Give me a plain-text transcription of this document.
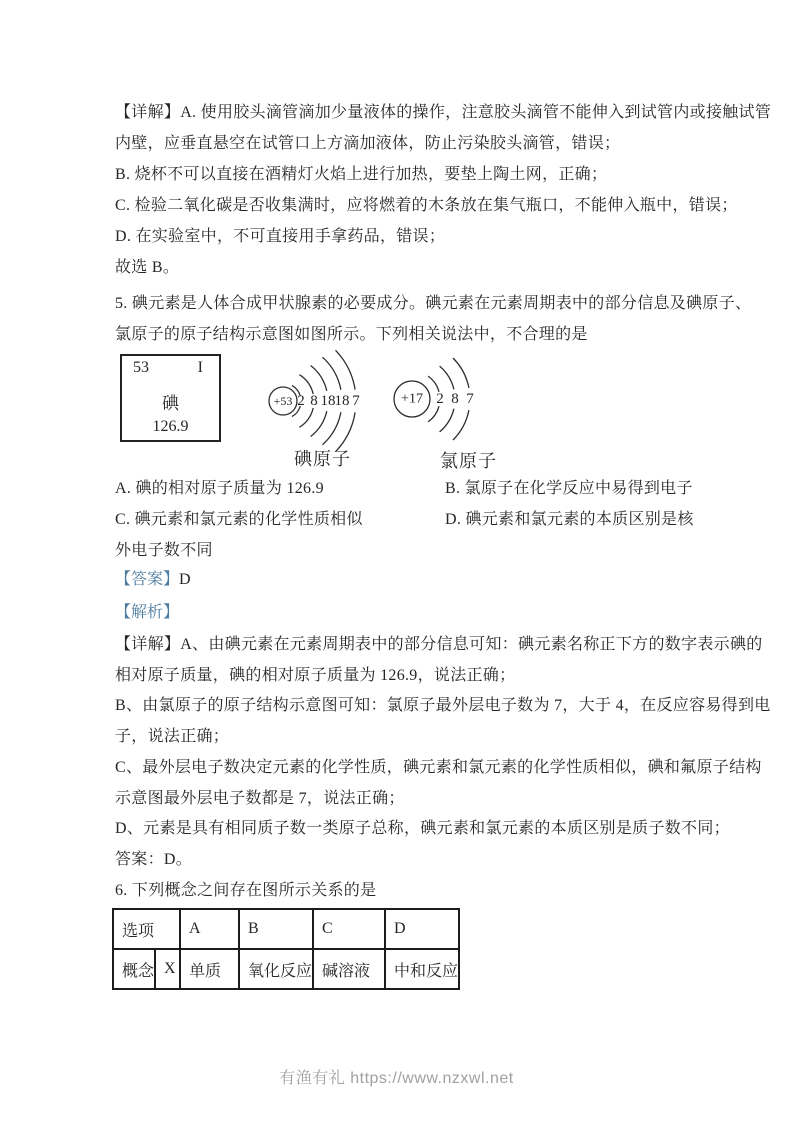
【详解】A. 使用胶头滴管滴加少量液体的操作，注意胶头滴管不能伸入到试管内或接触试管
内壁，应垂直悬空在试管口上方滴加液体，防止污染胶头滴管，错误；
B. 烧杯不可以直接在酒精灯火焰上进行加热，要垫上陶土网，正确；
C. 检验二氧化碳是否收集满时，应将燃着的木条放在集气瓶口，不能伸入瓶中，错误；
D. 在实验室中，不可直接用手拿药品，错误；
故选 B。
5. 碘元素是人体合成甲状腺素的必要成分。碘元素在元素周期表中的部分信息及碘原子、
氯原子的原子结构示意图如图所示。下列相关说法中，不合理的是
53	I
碘
126.9
+53 2 8 18 18 7
碘原子
+17 2 8 7
氯原子
A. 碘的相对原子质量为 126.9	B. 氯原子在化学反应中易得到电子
C. 碘元素和氯元素的化学性质相似	D. 碘元素和氯元素的本质区别是核
外电子数不同
【答案】D
【解析】
【详解】A、由碘元素在元素周期表中的部分信息可知：碘元素名称正下方的数字表示碘的
相对原子质量，碘的相对原子质量为 126.9，说法正确；
B、由氯原子的原子结构示意图可知：氯原子最外层电子数为 7，大于 4，在反应容易得到电
子，说法正确；
C、最外层电子数决定元素的化学性质，碘元素和氯元素的化学性质相似，碘和氟原子结构
示意图最外层电子数都是 7，说法正确；
D、元素是具有相同质子数一类原子总称，碘元素和氯元素的本质区别是质子数不同；
答案：D。
6. 下列概念之间存在图所示关系的是
选项		A	B	C	D
概念	X	单质	氧化反应	碱溶液	中和反应
有渔有礼 https://www.nzxwl.net
